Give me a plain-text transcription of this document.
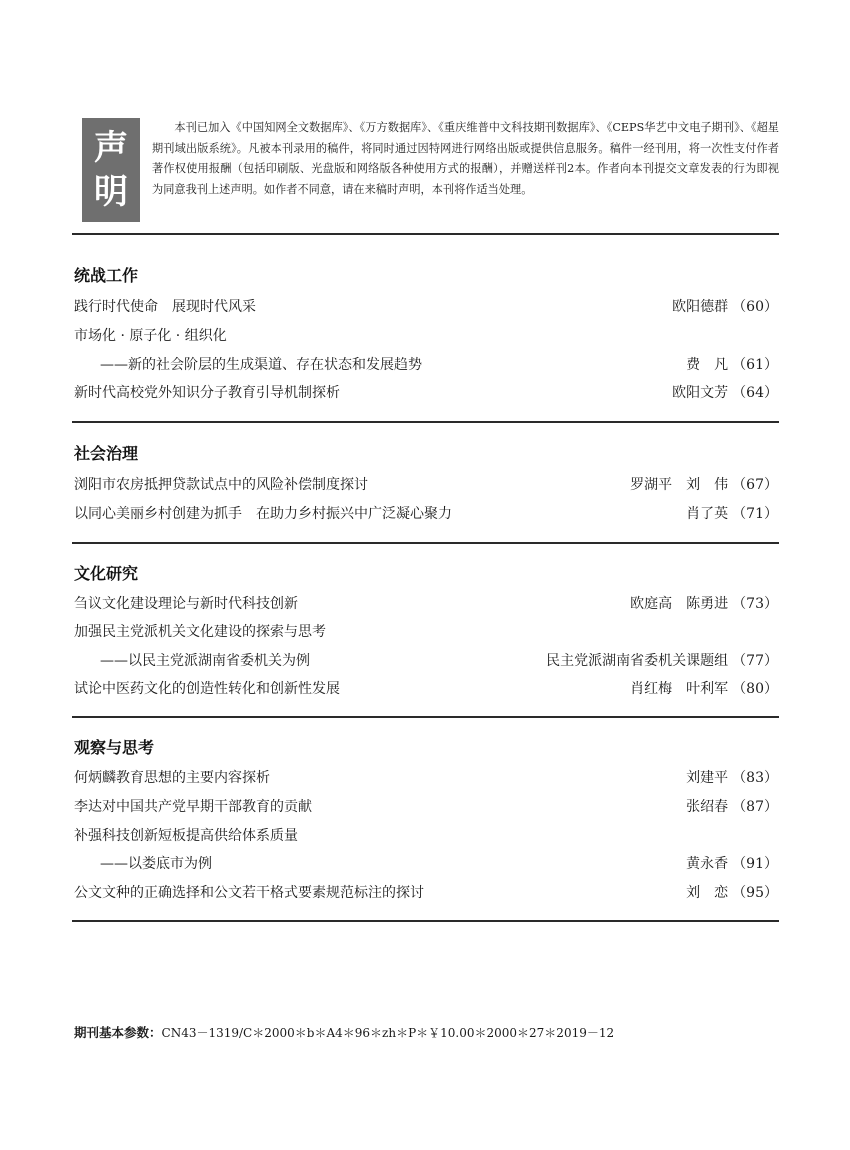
声
明

本刊已加入《中国知网全文数据库》、《万方数据库》、《重庆维普中文科技期刊数据库》、《CEPS华艺中文电子期刊》、《超星期刊域出版系统》。凡被本刊录用的稿件，将同时通过因特网进行网络出版或提供信息服务。稿件一经刊用，将一次性支付作者著作权使用报酬（包括印刷版、光盘版和网络版各种使用方式的报酬），并赠送样刊2本。作者向本刊提交文章发表的行为即视为同意我刊上述声明。如作者不同意，请在来稿时声明，本刊将作适当处理。

统战工作
践行时代使命　展现时代风采	欧阳德群 （ 60 ）
市场化 · 原子化 · 组织化
——新的社会阶层的生成渠道、存在状态和发展趋势	费　凡 （ 61 ）
新时代高校党外知识分子教育引导机制探析	欧阳文芳 （ 64 ）
社会治理
浏阳市农房抵押贷款试点中的风险补偿制度探讨	罗湖平　刘　伟 （ 67 ）
以同心美丽乡村创建为抓手　在助力乡村振兴中广泛凝心聚力	肖了英 （ 71 ）
文化研究
刍议文化建设理论与新时代科技创新	欧庭高　陈勇进 （ 73 ）
加强民主党派机关文化建设的探索与思考
——以民主党派湖南省委机关为例	民主党派湖南省委机关课题组 （ 77 ）
试论中医药文化的创造性转化和创新性发展	肖红梅　叶利军 （ 80 ）
观察与思考
何炳麟教育思想的主要内容探析	刘建平 （ 83 ）
李达对中国共产党早期干部教育的贡献	张绍春 （ 87 ）
补强科技创新短板提高供给体系质量
——以娄底市为例	黄永香 （ 91 ）
公文文种的正确选择和公文若干格式要素规范标注的探讨	刘　恋 （ 95 ）
期刊基本参数：CN43－1319/C＊2000＊b＊A4＊96＊zh＊P＊￥10.00＊2000＊27＊2019－12
